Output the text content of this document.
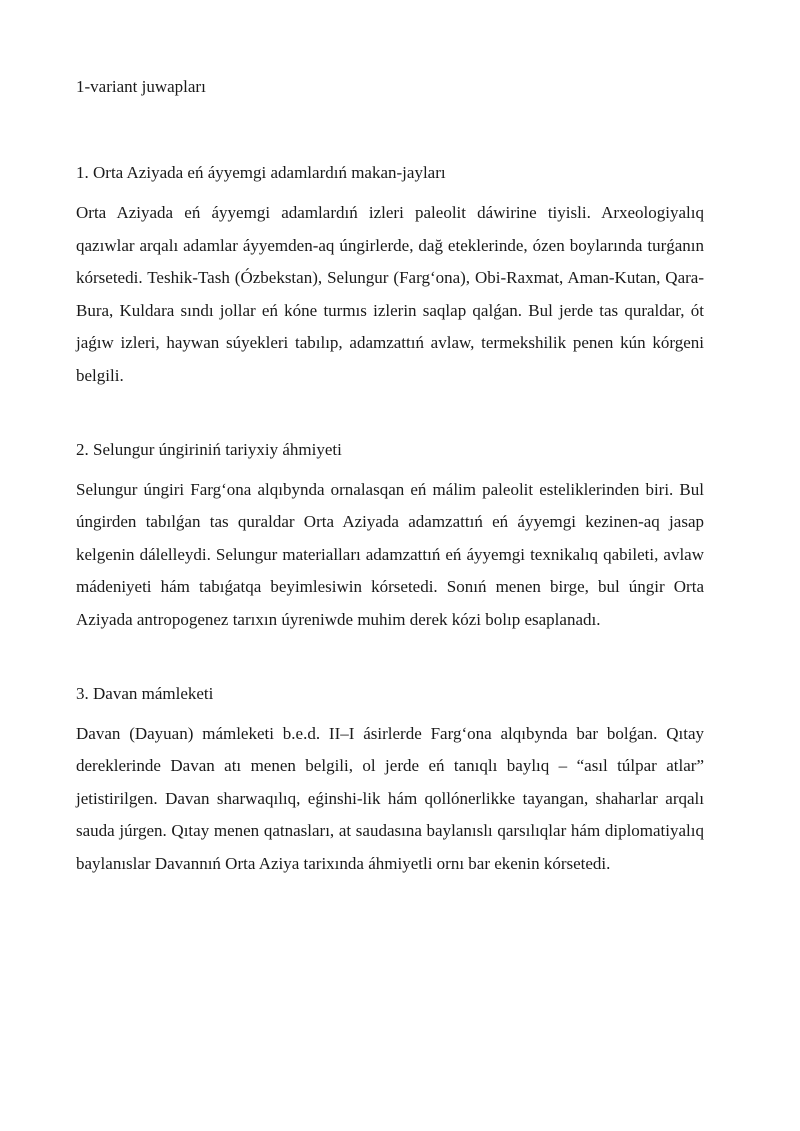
1-variant juwapları

1. Orta Aziyada eń áyyemgi adamlardıń makan-jayları

Orta Aziyada eń áyyemgi adamlardıń izleri paleolit dáwirine tiyisli. Arxeologiyalıq qazıwlar arqalı adamlar áyyemden-aq úngirlerde, dağ eteklerinde, ózen boylarında turǵanın kórsetedi. Teshik-Tash (Ózbekstan), Selungur (Farg‘ona), Obi-Raxmat, Aman-Kutan, Qara-Bura, Kuldara sındı jollar eń kóne turmıs izlerin saqlap qalǵan. Bul jerde tas quraldar, ót jaǵıw izleri, haywan súyekleri tabılıp, adamzattıń avlaw, termekshilik penen kún kórgeni belgili.

2. Selungur úngiriniń tariyxiy áhmiyeti

Selungur úngiri Farg‘ona alqıbynda ornalasqan eń málim paleolit esteliklerinden biri. Bul úngirden tabılǵan tas quraldar Orta Aziyada adamzattıń eń áyyemgi kezinen-aq jasap kelgenin dálelleydi. Selungur materialları adamzattıń eń áyyemgi texnikalıq qabileti, avlaw mádeniyeti hám tabıǵatqa beyimlesiwin kórsetedi. Sonıń menen birge, bul úngir Orta Aziyada antropogenez tarıxın úyreniwde muhim derek kózi bolıp esaplanadı.

3. Davan mámleketi

Davan (Dayuan) mámleketi b.e.d. II–I ásirlerde Farg‘ona alqıbynda bar bolǵan. Qıtay dereklerinde Davan atı menen belgili, ol jerde eń tanıqlı baylıq – “asıl túlpar atlar” jetistirilgen. Davan sharwaqılıq, eǵinshi-lik hám qollónerlikke tayangan, shaharlar arqalı sauda júrgen. Qıtay menen qatnasları, at saudasına baylanıslı qarsılıqlar hám diplomatiyalıq baylanıslar Davannıń Orta Aziya tarixında áhmiyetli ornı bar ekenin kórsetedi.
